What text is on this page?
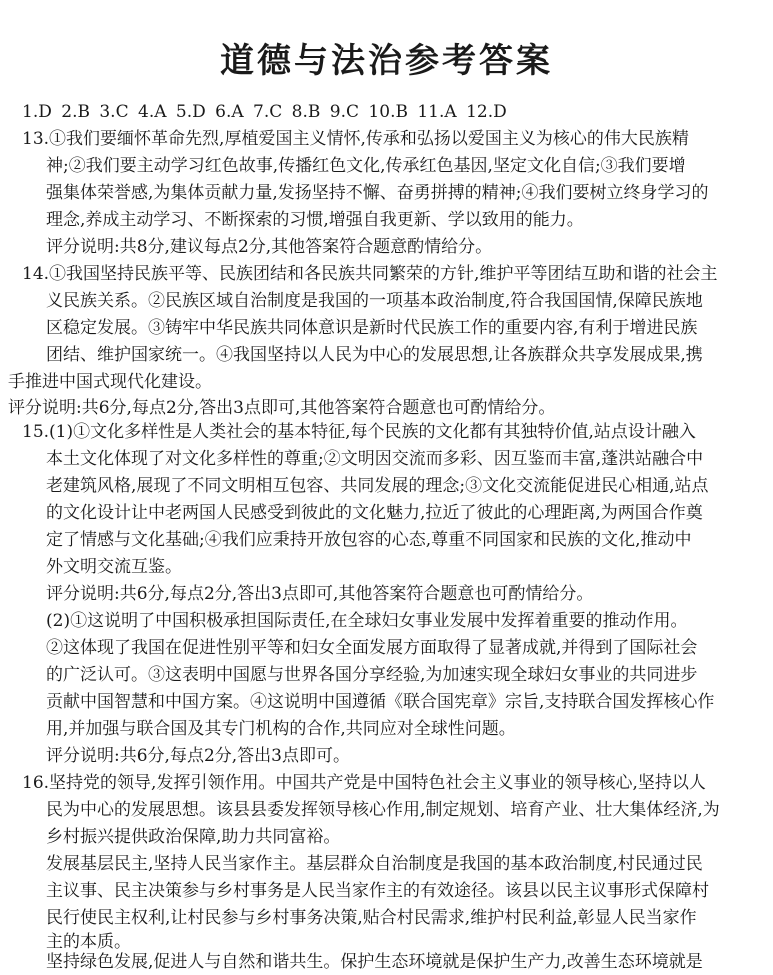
道德与法治参考答案
1.D 2.B 3.C 4.A 5.D 6.A 7.C 8.B 9.C 10.B 11.A 12.D
13.①我们要缅怀革命先烈,厚植爱国主义情怀,传承和弘扬以爱国主义为核心的伟大民族精
神;②我们要主动学习红色故事,传播红色文化,传承红色基因,坚定文化自信;③我们要增
强集体荣誉感,为集体贡献力量,发扬坚持不懈、奋勇拼搏的精神;④我们要树立终身学习的
理念,养成主动学习、不断探索的习惯,增强自我更新、学以致用的能力。
评分说明:共8分,建议每点2分,其他答案符合题意酌情给分。
14.①我国坚持民族平等、民族团结和各民族共同繁荣的方针,维护平等团结互助和谐的社会主
义民族关系。②民族区域自治制度是我国的一项基本政治制度,符合我国国情,保障民族地
区稳定发展。③铸牢中华民族共同体意识是新时代民族工作的重要内容,有利于增进民族
团结、维护国家统一。④我国坚持以人民为中心的发展思想,让各族群众共享发展成果,携
手推进中国式现代化建设。
评分说明:共6分,每点2分,答出3点即可,其他答案符合题意也可酌情给分。
15.(1)①文化多样性是人类社会的基本特征,每个民族的文化都有其独特价值,站点设计融入
本土文化体现了对文化多样性的尊重;②文明因交流而多彩、因互鉴而丰富,蓬洪站融合中
老建筑风格,展现了不同文明相互包容、共同发展的理念;③文化交流能促进民心相通,站点
的文化设计让中老两国人民感受到彼此的文化魅力,拉近了彼此的心理距离,为两国合作奠
定了情感与文化基础;④我们应秉持开放包容的心态,尊重不同国家和民族的文化,推动中
外文明交流互鉴。
评分说明:共6分,每点2分,答出3点即可,其他答案符合题意也可酌情给分。
(2)①这说明了中国积极承担国际责任,在全球妇女事业发展中发挥着重要的推动作用。
②这体现了我国在促进性别平等和妇女全面发展方面取得了显著成就,并得到了国际社会
的广泛认可。③这表明中国愿与世界各国分享经验,为加速实现全球妇女事业的共同进步
贡献中国智慧和中国方案。④这说明中国遵循《联合国宪章》宗旨,支持联合国发挥核心作
用,并加强与联合国及其专门机构的合作,共同应对全球性问题。
评分说明:共6分,每点2分,答出3点即可。
16.坚持党的领导,发挥引领作用。中国共产党是中国特色社会主义事业的领导核心,坚持以人
民为中心的发展思想。该县县委发挥领导核心作用,制定规划、培育产业、壮大集体经济,为
乡村振兴提供政治保障,助力共同富裕。
发展基层民主,坚持人民当家作主。基层群众自治制度是我国的基本政治制度,村民通过民
主议事、民主决策参与乡村事务是人民当家作主的有效途径。该县以民主议事形式保障村
民行使民主权利,让村民参与乡村事务决策,贴合村民需求,维护村民利益,彰显人民当家作
主的本质。
坚持绿色发展,促进人与自然和谐共生。保护生态环境就是保护生产力,改善生态环境就是
